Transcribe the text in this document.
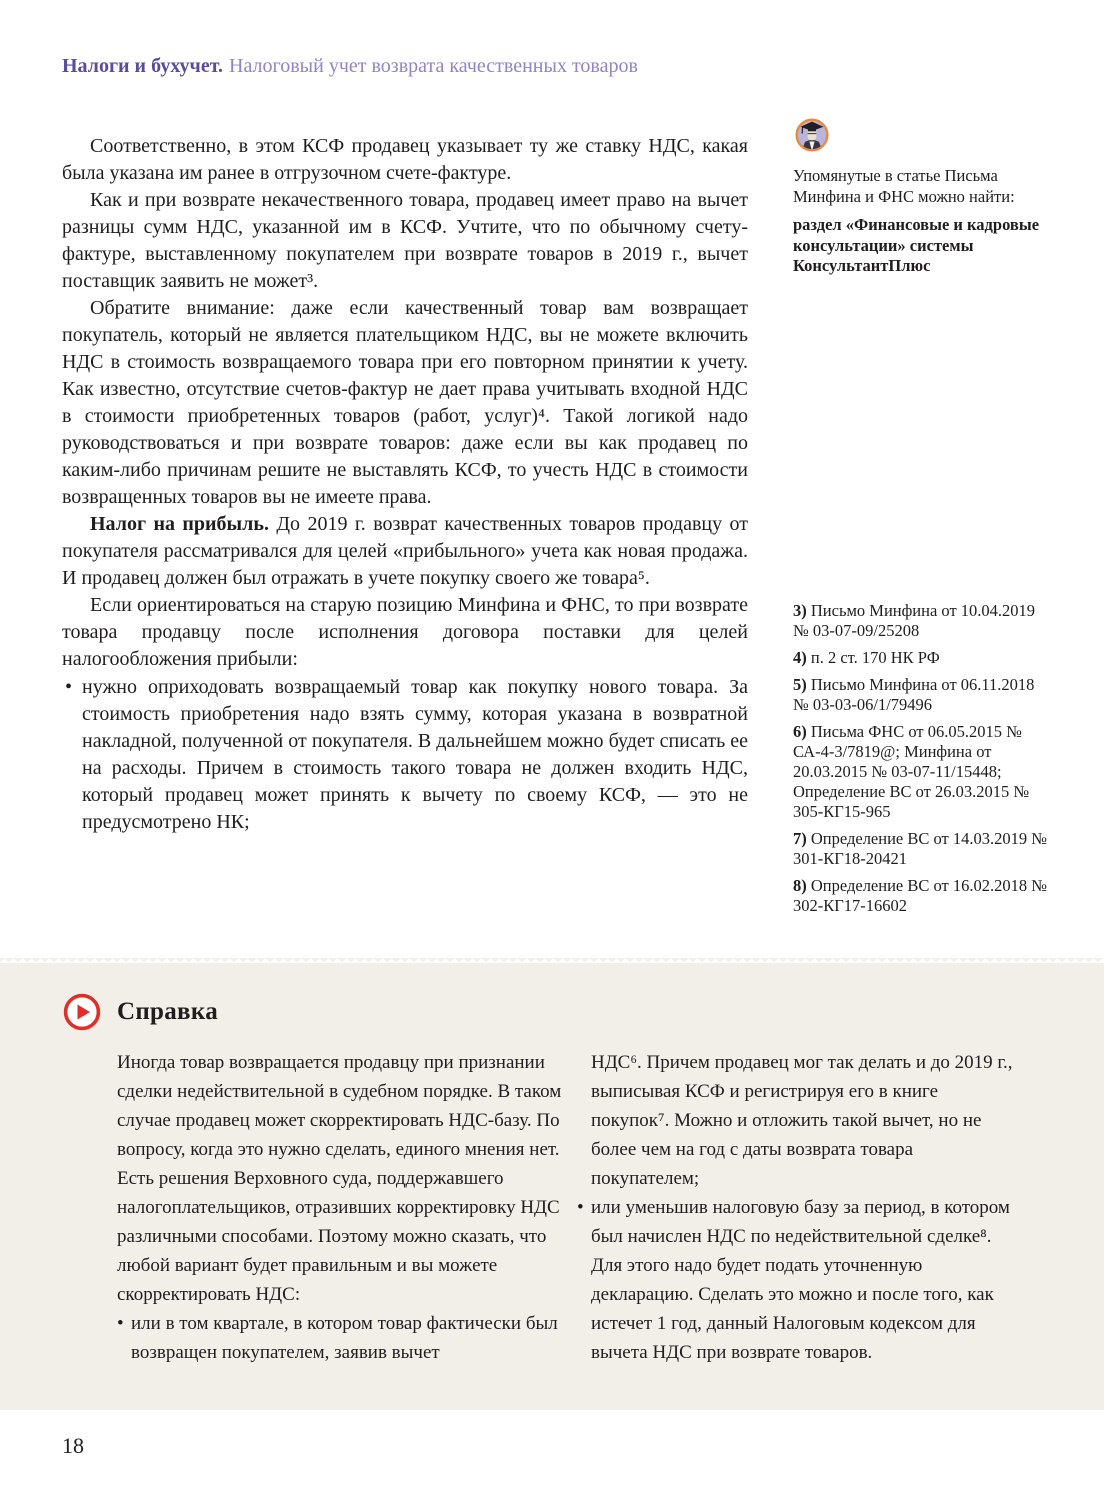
Налоги и бухучет. Налоговый учет возврата качественных товаров

Соответственно, в этом КСФ продавец указывает ту же ставку НДС, какая была указана им ранее в отгрузочном счете-фактуре.

Как и при возврате некачественного товара, продавец имеет право на вычет разницы сумм НДС, указанной им в КСФ. Учтите, что по обычному счету-фактуре, выставленному покупателем при возврате товаров в 2019 г., вычет поставщик заявить не может³.

Обратите внимание: даже если качественный товар вам возвращает покупатель, который не является плательщиком НДС, вы не можете включить НДС в стоимость возвращаемого товара при его повторном принятии к учету. Как известно, отсутствие счетов-фактур не дает права учитывать входной НДС в стоимости приобретенных товаров (работ, услуг)⁴. Такой логикой надо руководствоваться и при возврате товаров: даже если вы как продавец по каким-либо причинам решите не выставлять КСФ, то учесть НДС в стоимости возвращенных товаров вы не имеете права.

Налог на прибыль. До 2019 г. возврат качественных товаров продавцу от покупателя рассматривался для целей «прибыльного» учета как новая продажа. И продавец должен был отражать в учете покупку своего же товара⁵.

Если ориентироваться на старую позицию Минфина и ФНС, то при возврате товара продавцу после исполнения договора поставки для целей налогообложения прибыли:

• нужно оприходовать возвращаемый товар как покупку нового товара. За стоимость приобретения надо взять сумму, которая указана в возвратной накладной, полученной от покупателя. В дальнейшем можно будет списать ее на расходы. Причем в стоимость такого товара не должен входить НДС, который продавец может принять к вычету по своему КСФ, — это не предусмотрено НК;

Упомянутые в статье Письма Минфина и ФНС можно найти:

раздел «Финансовые и кадровые консультации» системы КонсультантПлюс

3) Письмо Минфина от 10.04.2019 № 03-07-09/25208
4) п. 2 ст. 170 НК РФ
5) Письмо Минфина от 06.11.2018 № 03-03-06/1/79496
6) Письма ФНС от 06.05.2015 № СА-4-3/7819@; Минфина от 20.03.2015 № 03-07-11/15448; Определение ВС от 26.03.2015 № 305-КГ15-965
7) Определение ВС от 14.03.2019 № 301-КГ18-20421
8) Определение ВС от 16.02.2018 № 302-КГ17-16602
Справка

Иногда товар возвращается продавцу при признании сделки недействительной в судебном порядке. В таком случае продавец может скорректировать НДС-базу. По вопросу, когда это нужно сделать, единого мнения нет. Есть решения Верховного суда, поддержавшего налогоплательщиков, отразивших корректировку НДС различными способами. Поэтому можно сказать, что любой вариант будет правильным и вы можете скорректировать НДС:

• или в том квартале, в котором товар фактически был возвращен покупателем, заявив вычет

НДС⁶. Причем продавец мог так делать и до 2019 г., выписывая КСФ и регистрируя его в книге покупок⁷. Можно и отложить такой вычет, но не более чем на год с даты возврата товара покупателем;

• или уменьшив налоговую базу за период, в котором был начислен НДС по недействительной сделке⁸. Для этого надо будет подать уточненную декларацию. Сделать это можно и после того, как истечет 1 год, данный Налоговым кодексом для вычета НДС при возврате товаров.
18
